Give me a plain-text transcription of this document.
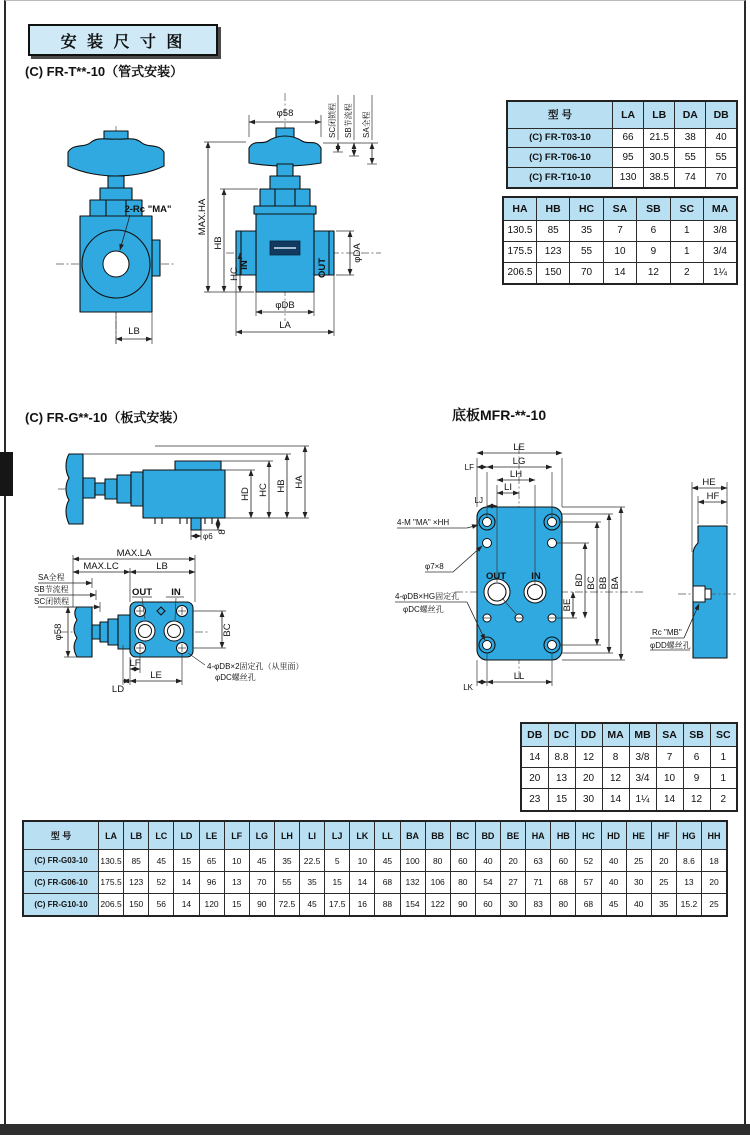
安 装 尺 寸 图
(C) FR-T**-10（管式安装）
(C) FR-G**-10（板式安装）	底板MFR-**-10
2-Rc "MA"
LB
φ58	SC闭锁程 SB节流程 SA全程
MAX.HA
HB
HC
IN	OUT
φDA
φDB
LA
型 号	LA	LB	DA	DB
(C) FR-T03-10	66	21.5	38	40
(C) FR-T06-10	95	30.5	55	55
(C) FR-T10-10	130	38.5	74	70
HA	HB	HC	SA	SB	SC	MA
130.5	85	35	7	6	1	3/8
175.5	123	55	10	9	1	3/4
206.5	150	70	14	12	2	1¼
φ6 8
HD HC HB HA
MAX.LA
MAX.LC	LB
SA全程
SB节流程
SC闭锁程
φ58
OUT IN
BC
LD
LF
LE
4-φDB×2固定孔（从里面）
φDC螺丝孔
LE
LF
LG
LH
LI
LJ
4-M "MA" ×HH
φ7×8
4-φDB×HG固定孔
φDC螺丝孔
OUT	IN
BE
BD BC BB BA
LK
LL
HE
HF
Rc "MB"
φDD螺丝孔
DB	DC	DD	MA	MB	SA	SB	SC
14	8.8	12	8	3/8	7	6	1
20	13	20	12	3/4	10	9	1
23	15	30	14	1¼	14	12	2
型 号	LA	LB	LC	LD	LE	LF	LG	LH	LI	LJ	LK	LL	BA	BB	BC	BD	BE	HA	HB	HC	HD	HE	HF	HG	HH
(C) FR-G03-10	130.5	85	45	15	65	10	45	35	22.5	5	10	45	100	80	60	40	20	63	60	52	40	25	20	8.6	18
(C) FR-G06-10	175.5	123	52	14	96	13	70	55	35	15	14	68	132	106	80	54	27	71	68	57	40	30	25	13	20
(C) FR-G10-10	206.5	150	56	14	120	15	90	72.5	45	17.5	16	88	154	122	90	60	30	83	80	68	45	40	35	15.2	25
